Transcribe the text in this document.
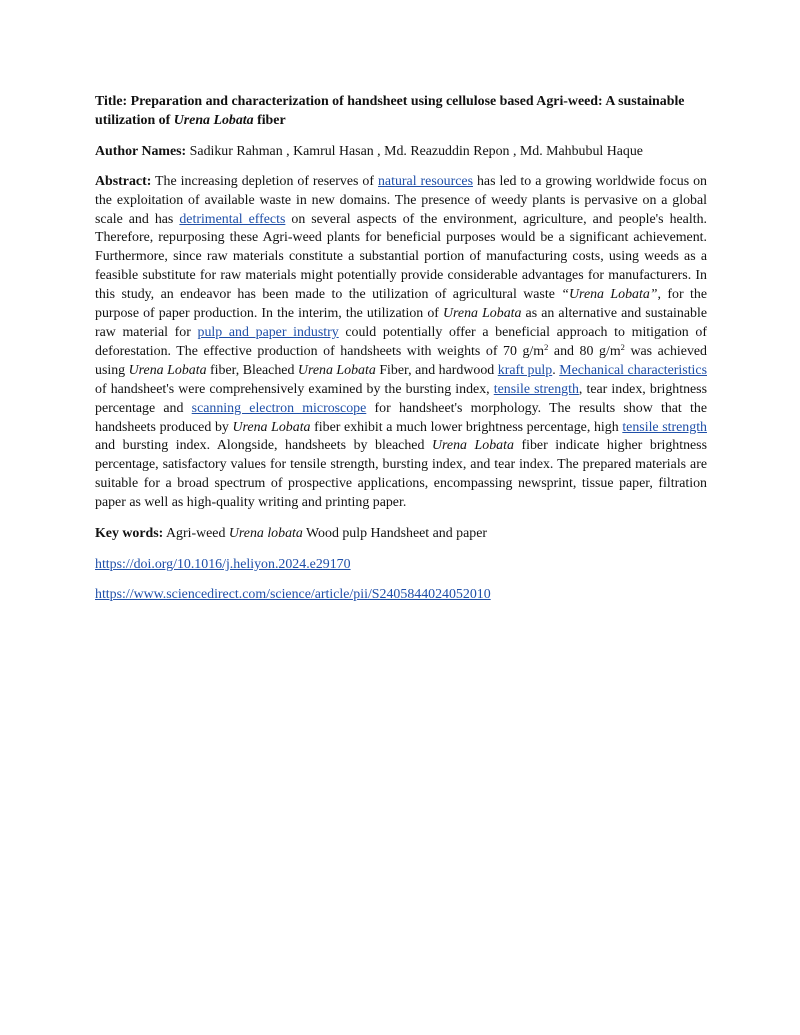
Title: Preparation and characterization of handsheet using cellulose based Agri-weed: A sustainable utilization of Urena Lobata fiber

Author Names: Sadikur Rahman , Kamrul Hasan , Md. Reazuddin Repon , Md. Mahbubul Haque

Abstract: The increasing depletion of reserves of natural resources has led to a growing worldwide focus on the exploitation of available waste in new domains. The presence of weedy plants is pervasive on a global scale and has detrimental effects on several aspects of the environment, agriculture, and people's health. Therefore, repurposing these Agri-weed plants for beneficial purposes would be a significant achievement. Furthermore, since raw materials constitute a substantial portion of manufacturing costs, using weeds as a feasible substitute for raw materials might potentially provide considerable advantages for manufacturers. In this study, an endeavor has been made to the utilization of agricultural waste “Urena Lobata”, for the purpose of paper production. In the interim, the utilization of Urena Lobata as an alternative and sustainable raw material for pulp and paper industry could potentially offer a beneficial approach to mitigation of deforestation. The effective production of handsheets with weights of 70 $g/m^2$ and 80 $g/m^2$ was achieved using Urena Lobata fiber, Bleached Urena Lobata Fiber, and hardwood kraft pulp. Mechanical characteristics of handsheet's were comprehensively examined by the bursting index, tensile strength, tear index, brightness percentage and scanning electron microscope for handsheet's morphology. The results show that the handsheets produced by Urena Lobata fiber exhibit a much lower brightness percentage, high tensile strength and bursting index. Alongside, handsheets by bleached Urena Lobata fiber indicate higher brightness percentage, satisfactory values for tensile strength, bursting index, and tear index. The prepared materials are suitable for a broad spectrum of prospective applications, encompassing newsprint, tissue paper, filtration paper as well as high-quality writing and printing paper.

Key words: Agri-weed Urena lobata Wood pulp Handsheet and paper

https://doi.org/10.1016/j.heliyon.2024.e29170

https://www.sciencedirect.com/science/article/pii/S2405844024052010
